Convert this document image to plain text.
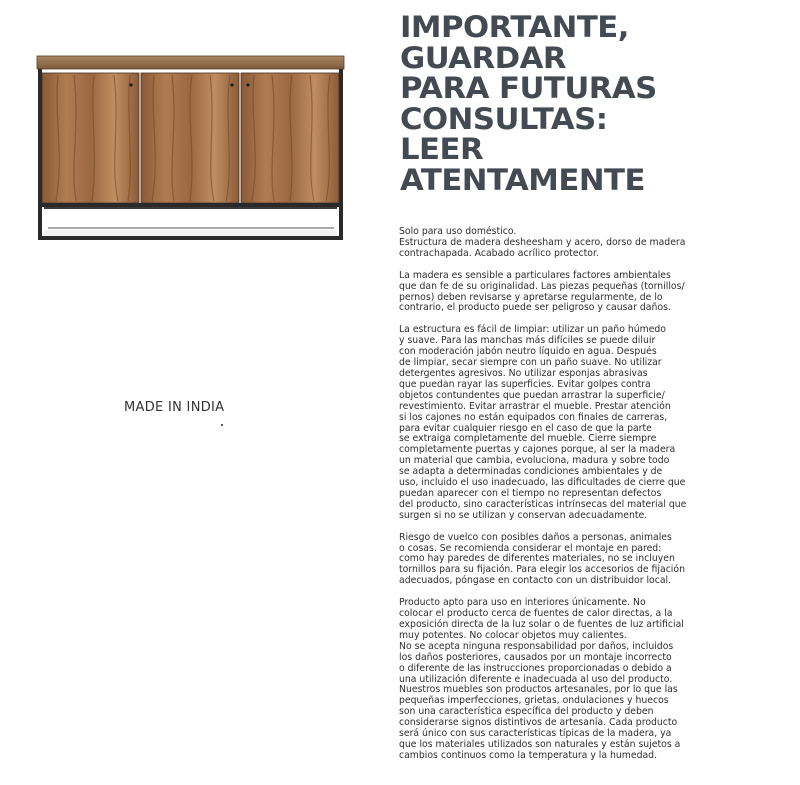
MADE IN INDIA
IMPORTANTE,
GUARDAR
PARA FUTURAS
CONSULTAS:
LEER
ATENTAMENTE

Solo para uso doméstico.
Estructura de madera desheesham y acero, dorso de madera
contrachapada. Acabado acrílico protector.

La madera es sensible a particulares factores ambientales
que dan fe de su originalidad. Las piezas pequeñas (tornillos/
pernos) deben revisarse y apretarse regularmente, de lo
contrario, el producto puede ser peligroso y causar daños.

La estructura es fácil de limpiar: utilizar un paño húmedo
y suave. Para las manchas más difíciles se puede diluir
con moderación jabón neutro líquido en agua. Después
de limpiar, secar siempre con un paño suave. No utilizar
detergentes agresivos. No utilizar esponjas abrasivas
que puedan rayar las superficies. Evitar golpes contra
objetos contundentes que puedan arrastrar la superficie/
revestimiento. Evitar arrastrar el mueble. Prestar atención
si los cajones no están equipados con finales de carreras,
para evitar cualquier riesgo en el caso de que la parte
se extraiga completamente del mueble. Cierre siempre
completamente puertas y cajones porque, al ser la madera
un material que cambia, evoluciona, madura y sobre todo
se adapta a determinadas condiciones ambientales y de
uso, incluido el uso inadecuado, las dificultades de cierre que
puedan aparecer con el tiempo no representan defectos
del producto, sino características intrínsecas del material que
surgen si no se utilizan y conservan adecuadamente.

Riesgo de vuelco con posibles daños a personas, animales
o cosas. Se recomienda considerar el montaje en pared:
como hay paredes de diferentes materiales, no se incluyen
tornillos para su fijación. Para elegir los accesorios de fijación
adecuados, póngase en contacto con un distribuidor local.

Producto apto para uso en interiores únicamente. No
colocar el producto cerca de fuentes de calor directas, a la
exposición directa de la luz solar o de fuentes de luz artificial
muy potentes. No colocar objetos muy calientes.

No se acepta ninguna responsabilidad por daños, incluidos
los daños posteriores, causados por un montaje incorrecto
o diferente de las instrucciones proporcionadas o debido a
una utilización diferente e inadecuada al uso del producto.
Nuestros muebles son productos artesanales, por lo que las
pequeñas imperfecciones, grietas, ondulaciones y huecos
son una característica específica del producto y deben
considerarse signos distintivos de artesanía. Cada producto
será único con sus características típicas de la madera, ya
que los materiales utilizados son naturales y están sujetos a
cambios continuos como la temperatura y la humedad.
